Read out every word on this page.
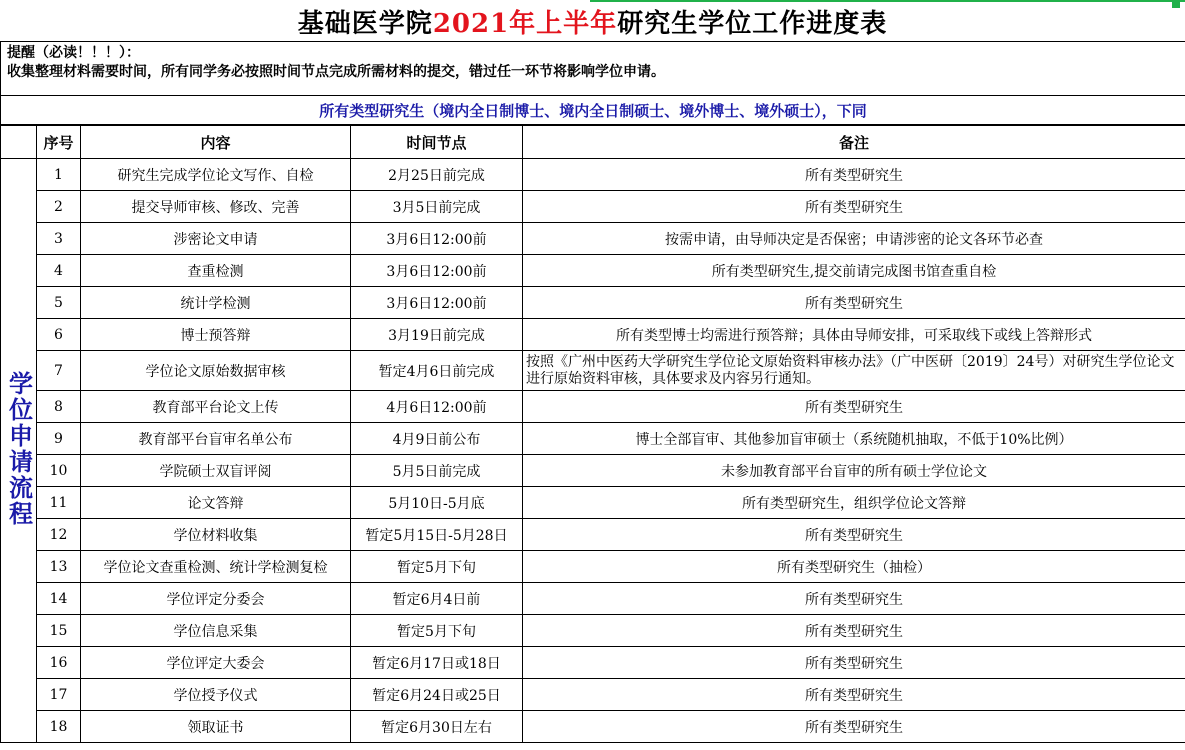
基础医学院 2021年上半年 研究生学位工作进度表
提醒（必读！！！）：
收集整理材料需要时间，所有同学务必按照时间节点完成所需材料的提交，错过任一环节将影响学位申请。
所有类型研究生（境内全日制博士、境内全日制硕士、境外博士、境外硕士），下同
	序号	内容	时间节点	备注
学位申请流程	1	研究生完成学位论文写作、自检	2月25日前完成	所有类型研究生
	2	提交导师审核、修改、完善	3月5日前完成	所有类型研究生
	3	涉密论文申请	3月6日12:00前	按需申请，由导师决定是否保密；申请涉密的论文各环节必查
	4	查重检测	3月6日12:00前	所有类型研究生,提交前请完成图书馆查重自检
	5	统计学检测	3月6日12:00前	所有类型研究生
	6	博士预答辩	3月19日前完成	所有类型博士均需进行预答辩；具体由导师安排，可采取线下或线上答辩形式
	7	学位论文原始数据审核	暂定4月6日前完成	按照《广州中医药大学研究生学位论文原始资料审核办法》（广中医研〔2019〕24号）对研究生学位论文进行原始资料审核，具体要求及内容另行通知。
	8	教育部平台论文上传	4月6日12:00前	所有类型研究生
	9	教育部平台盲审名单公布	4月9日前公布	博士全部盲审、其他参加盲审硕士（系统随机抽取，不低于10%比例）
	10	学院硕士双盲评阅	5月5日前完成	未参加教育部平台盲审的所有硕士学位论文
	11	论文答辩	5月10日-5月底	所有类型研究生，组织学位论文答辩
	12	学位材料收集	暂定5月15日-5月28日	所有类型研究生
	13	学位论文查重检测、统计学检测复检	暂定5月下旬	所有类型研究生（抽检）
	14	学位评定分委会	暂定6月4日前	所有类型研究生
	15	学位信息采集	暂定5月下旬	所有类型研究生
	16	学位评定大委会	暂定6月17日或18日	所有类型研究生
	17	学位授予仪式	暂定6月24日或25日	所有类型研究生
	18	领取证书	暂定6月30日左右	所有类型研究生
